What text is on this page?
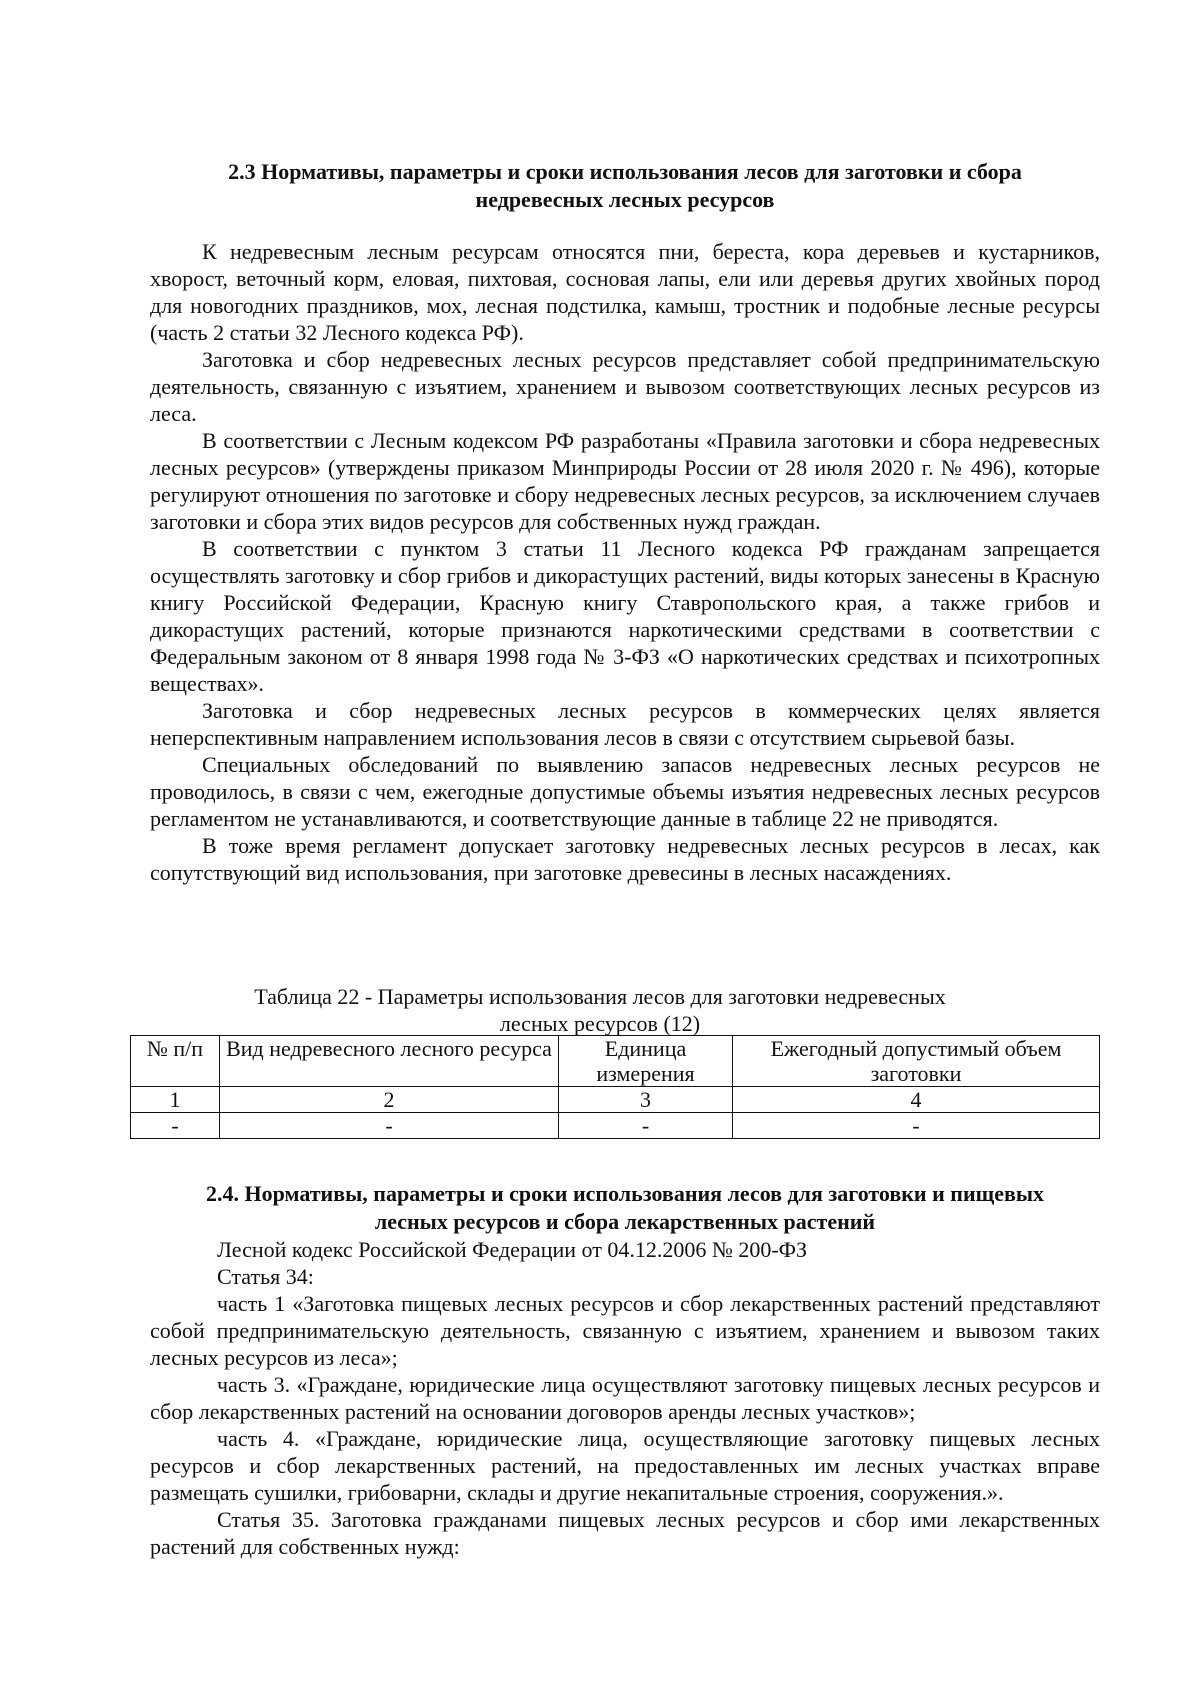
2.3 Нормативы, параметры и сроки использования лесов для заготовки и сбора
недревесных лесных ресурсов

К недревесным лесным ресурсам относятся пни, береста, кора деревьев и кустарников, хворост, веточный корм, еловая, пихтовая, сосновая лапы, ели или деревья других хвойных пород для новогодних праздников, мох, лесная подстилка, камыш, тростник и подобные лесные ресурсы (часть 2 статьи 32 Лесного кодекса РФ).

Заготовка и сбор недревесных лесных ресурсов представляет собой предпринимательскую деятельность, связанную с изъятием, хранением и вывозом соответствующих лесных ресурсов из леса.

В соответствии с Лесным кодексом РФ разработаны «Правила заготовки и сбора недревесных лесных ресурсов» (утверждены приказом Минприроды России от 28 июля 2020 г. № 496), которые регулируют отношения по заготовке и сбору недревесных лесных ресурсов, за исключением случаев заготовки и сбора этих видов ресурсов для собственных нужд граждан.

В соответствии с пунктом 3 статьи 11 Лесного кодекса РФ гражданам запрещается осуществлять заготовку и сбор грибов и дикорастущих растений, виды которых занесены в Красную книгу Российской Федерации, Красную книгу Ставропольского края, а также грибов и дикорастущих растений, которые признаются наркотическими средствами в соответствии с Федеральным законом от 8 января 1998 года № 3-ФЗ «О наркотических средствах и психотропных веществах».

Заготовка и сбор недревесных лесных ресурсов в коммерческих целях является неперспективным направлением использования лесов в связи с отсутствием сырьевой базы.

Специальных обследований по выявлению запасов недревесных лесных ресурсов не проводилось, в связи с чем, ежегодные допустимые объемы изъятия недревесных лесных ресурсов регламентом не устанавливаются, и соответствующие данные в таблице 22 не приводятся.

В тоже время регламент допускает заготовку недревесных лесных ресурсов в лесах, как сопутствующий вид использования, при заготовке древесины в лесных насаждениях.

Таблица 22 - Параметры использования лесов для заготовки недревесных
лесных ресурсов (12)
№ п/п	Вид недревесного лесного ресурса	Единица измерения	Ежегодный допустимый объем заготовки
1	2	3	4
-	-	-	-
2.4. Нормативы, параметры и сроки использования лесов для заготовки и пищевых
лесных ресурсов и сбора лекарственных растений

Лесной кодекс Российской Федерации от 04.12.2006 № 200-ФЗ

Статья 34:

часть 1 «Заготовка пищевых лесных ресурсов и сбор лекарственных растений представляют собой предпринимательскую деятельность, связанную с изъятием, хранением и вывозом таких лесных ресурсов из леса»;

часть 3. «Граждане, юридические лица осуществляют заготовку пищевых лесных ресурсов и сбор лекарственных растений на основании договоров аренды лесных участков»;

часть 4. «Граждане, юридические лица, осуществляющие заготовку пищевых лесных ресурсов и сбор лекарственных растений, на предоставленных им лесных участках вправе размещать сушилки, грибоварни, склады и другие некапитальные строения, сооружения.».

Статья 35. Заготовка гражданами пищевых лесных ресурсов и сбор ими лекарственных растений для собственных нужд:
